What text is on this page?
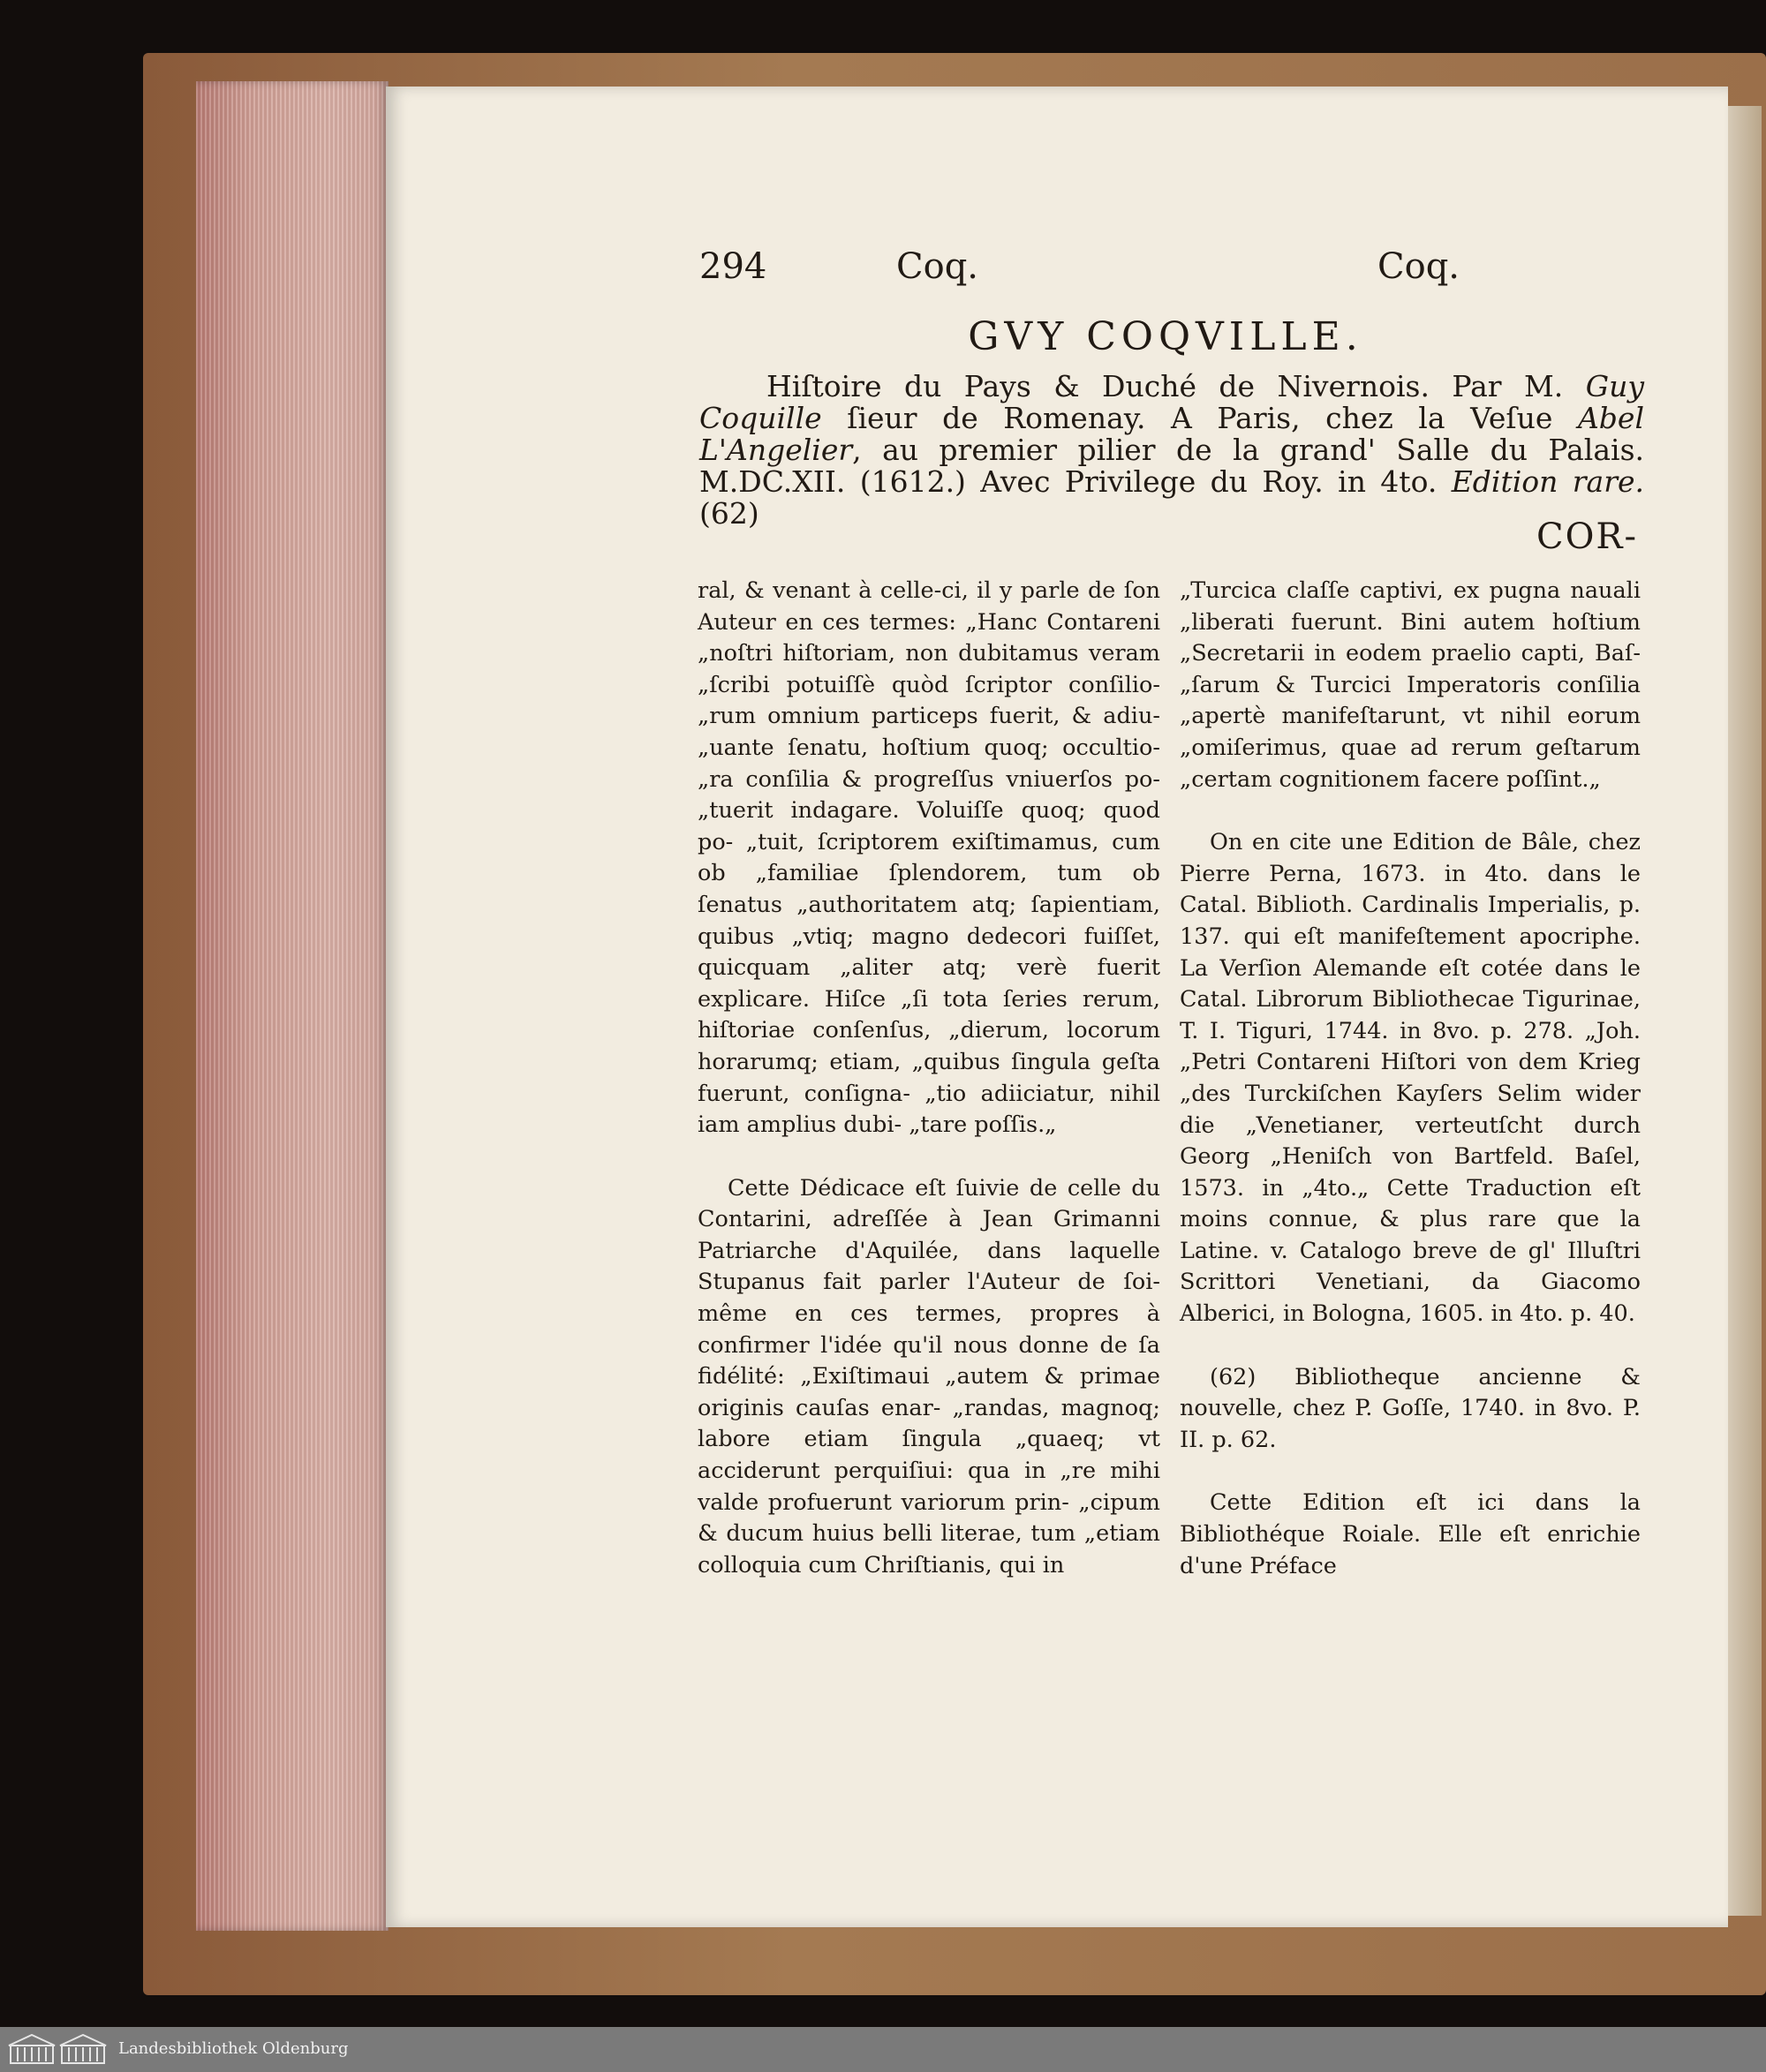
294	Coq.	Coq.
GVY COQVILLE.
Hiſtoire du Pays & Duché de Nivernois. Par M. Guy Coquille ſieur de Romenay. A Paris, chez la Veſue Abel L'Angelier, au premier pilier de la grand' Salle du Palais. M.DC.XII. (1612.) Avec Privilege du Roy. in 4to. Edition rare. (62)
COR-

ral, & venant à celle-ci, il y parle de ſon Auteur en ces termes: „Hanc Contareni „noſtri hiſtoriam, non dubitamus veram „ſcribi potuiſſè quòd ſcriptor conſilio- „rum omnium particeps fuerit, & adiu- „uante ſenatu, hoſtium quoq; occultio- „ra conſilia & progreſſus vniuerſos po- „tuerit indagare. Voluiſſe quoq; quod po- „tuit, ſcriptorem exiſtimamus, cum ob „familiae ſplendorem, tum ob ſenatus „authoritatem atq; ſapientiam, quibus „vtiq; magno dedecori fuiſſet, quicquam „aliter atq; verè fuerit explicare. Hiſce „ſi tota ſeries rerum, hiſtoriae conſenſus, „dierum, locorum horarumq; etiam, „quibus ſingula geſta fuerunt, conſigna- „tio adiiciatur, nihil iam amplius dubi- „tare poſſis.„

Cette Dédicace eſt ſuivie de celle du Contarini, adreſſée à Jean Grimanni Patriarche d'Aquilée, dans laquelle Stupanus fait parler l'Auteur de ſoi-même en ces termes, propres à confirmer l'idée qu'il nous donne de ſa fidélité: „Exiſtimaui „autem & primae originis cauſas enar- „randas, magnoq; labore etiam ſingula „quaeq; vt acciderunt perquiſiui: qua in „re mihi valde profuerunt variorum prin- „cipum & ducum huius belli literae, tum „etiam colloquia cum Chriſtianis, qui in

„Turcica claſſe captivi, ex pugna nauali „liberati fuerunt. Bini autem hoſtium „Secretarii in eodem praelio capti, Baſ- „ſarum & Turcici Imperatoris conſilia „apertè manifeſtarunt, vt nihil eorum „omiſerimus, quae ad rerum geſtarum „certam cognitionem facere poſſint.„

On en cite une Edition de Bâle, chez Pierre Perna, 1673. in 4to. dans le Catal. Biblioth. Cardinalis Imperialis, p. 137. qui eſt manifeſtement apocriphe. La Verſion Alemande eſt cotée dans le Catal. Librorum Bibliothecae Tigurinae, T. I. Tiguri, 1744. in 8vo. p. 278. „Joh. „Petri Contareni Hiſtori von dem Krieg „des Turckiſchen Kayſers Selim wider die „Venetianer, verteutſcht durch Georg „Heniſch von Bartfeld. Baſel, 1573. in „4to.„ Cette Traduction eſt moins connue, & plus rare que la Latine. v. Catalogo breve de gl' Illuſtri Scrittori Venetiani, da Giacomo Alberici, in Bologna, 1605. in 4to. p. 40.

(62) Bibliotheque ancienne & nouvelle, chez P. Goſſe, 1740. in 8vo. P. II. p. 62.

Cette Edition eſt ici dans la Bibliothéque Roiale. Elle eſt enrichie d'une Préface

Landesbibliothek Oldenburg
